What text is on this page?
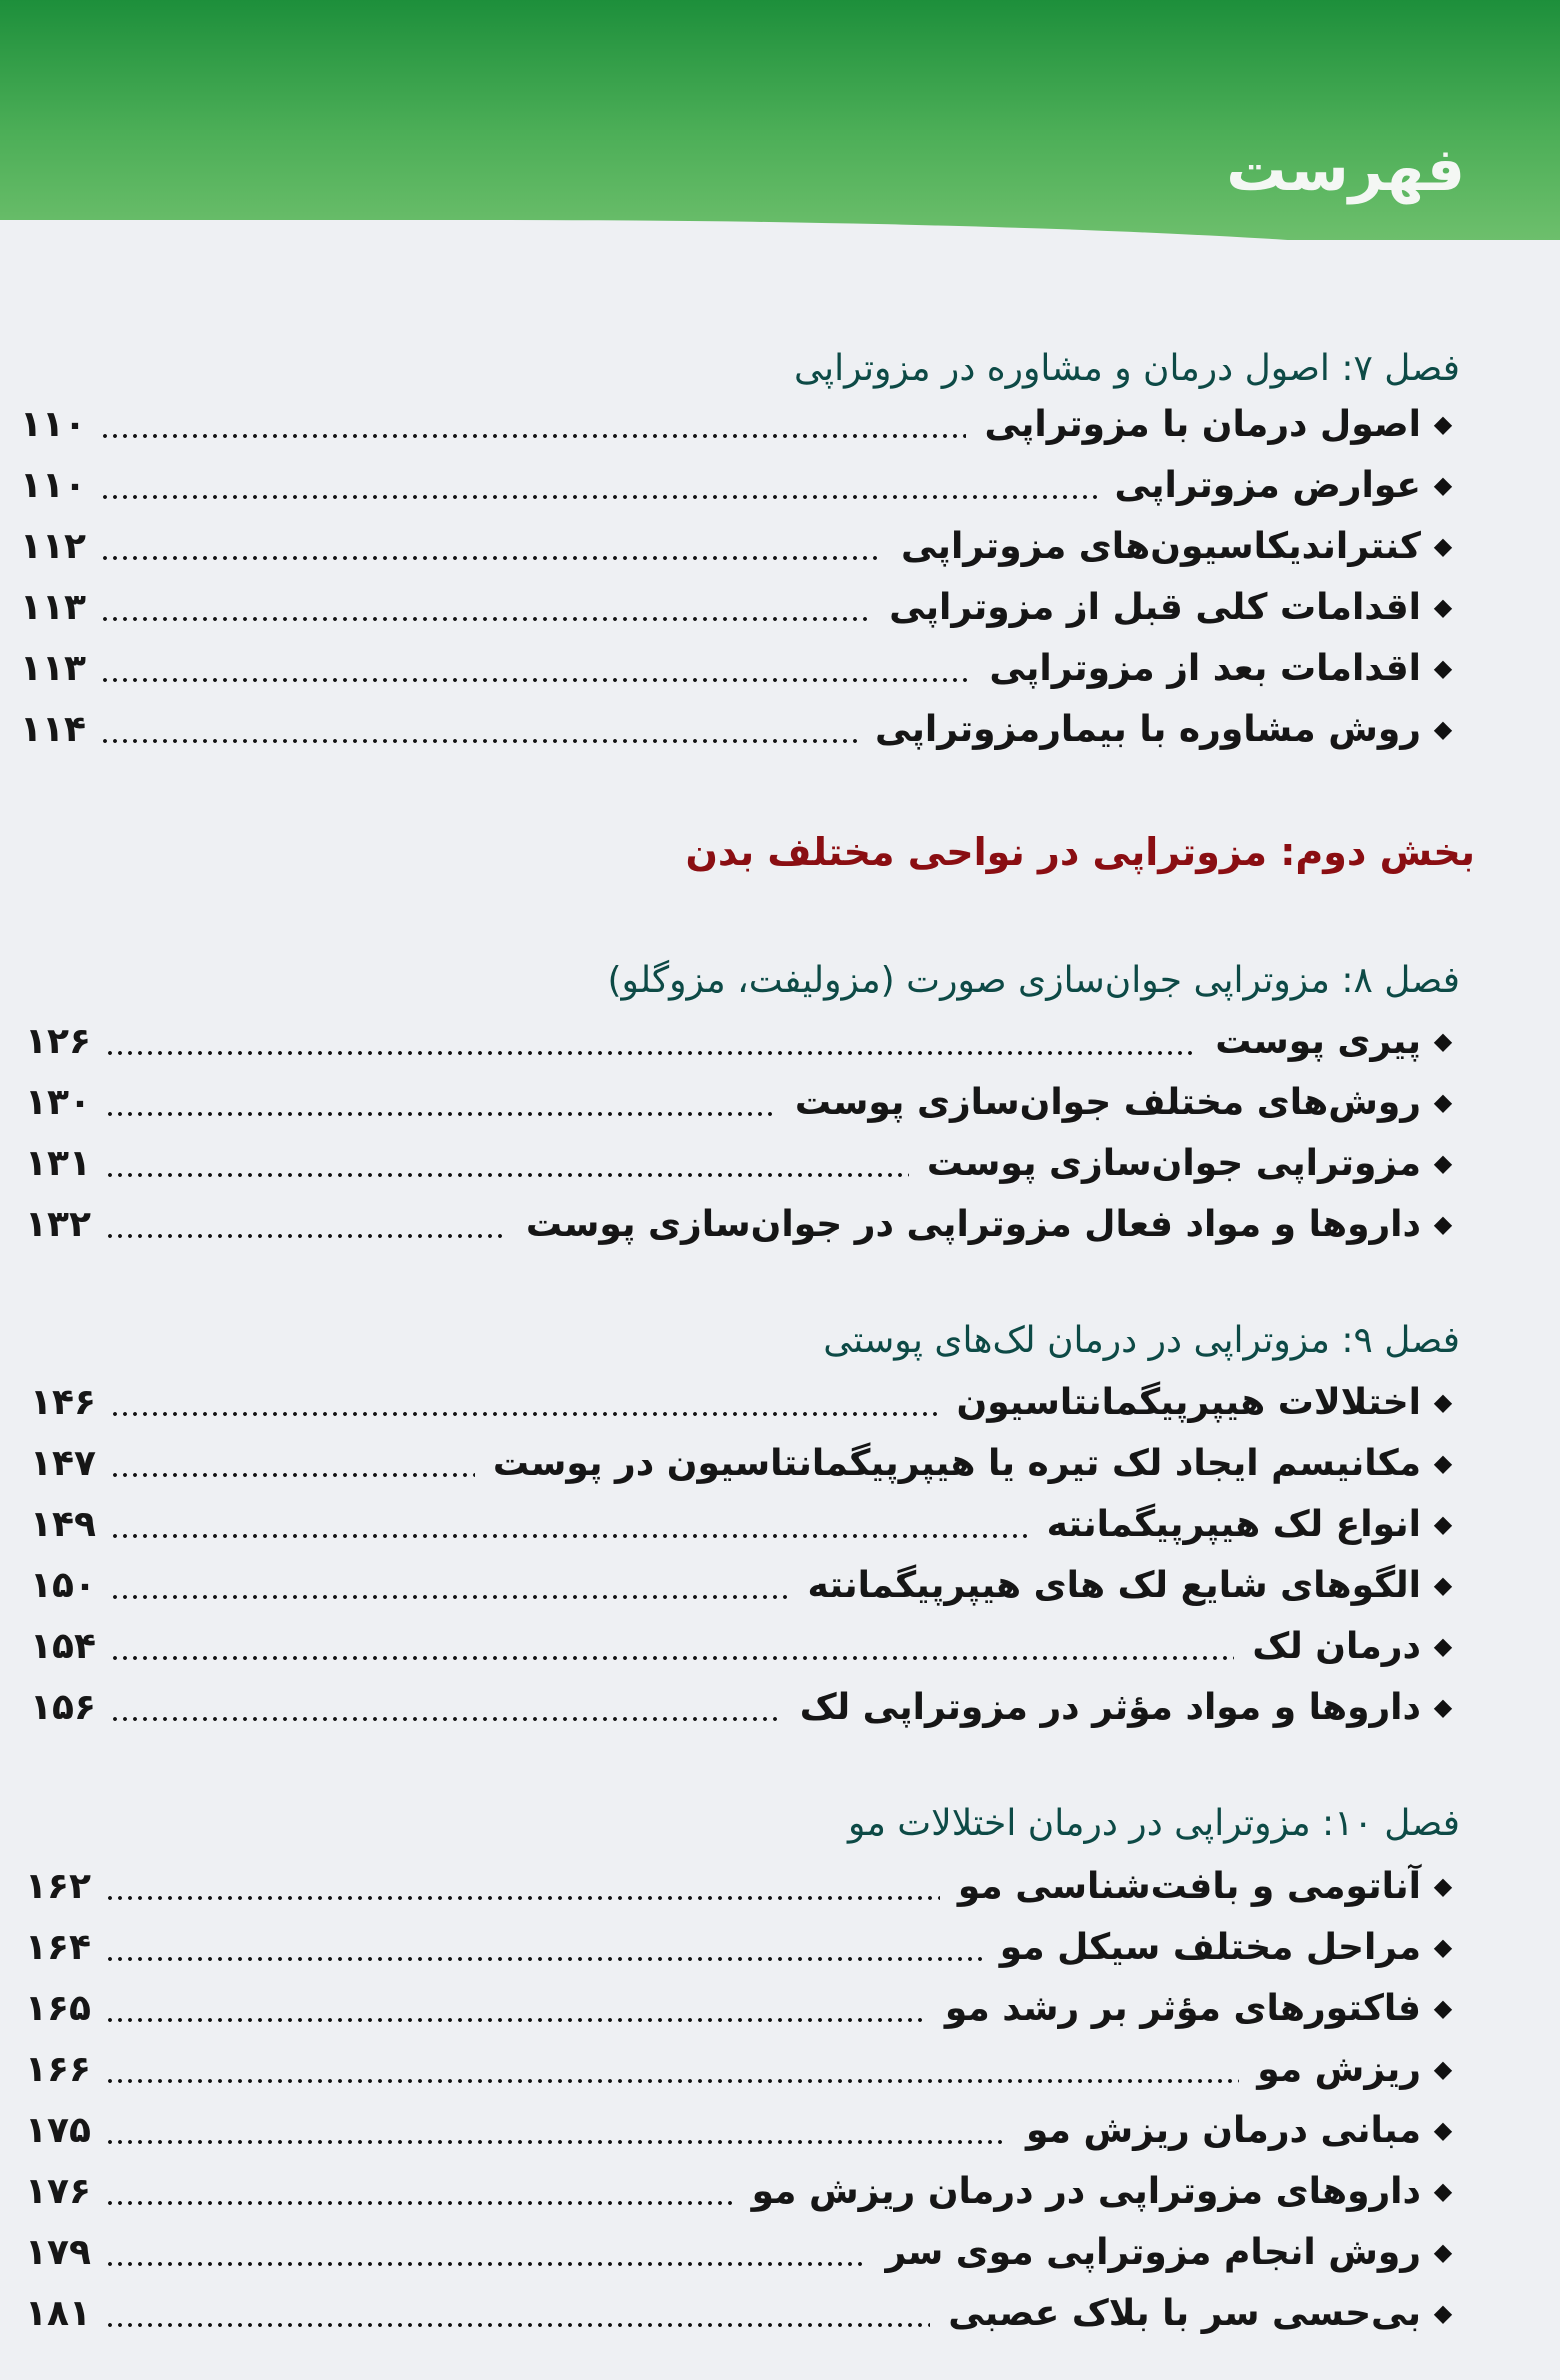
فهرست
فصل ۷: اصول درمان و مشاوره در مزوتراپی
◆
اصول درمان با مزوتراپی
۱۱۰
◆
عوارض مزوتراپی
۱۱۰
◆
کنتراندیکاسیون‌های مزوتراپی
۱۱۲
◆
اقدامات کلی قبل از مزوتراپی
۱۱۳
◆
اقدامات بعد از مزوتراپی
۱۱۳
◆
روش مشاوره با بیمارمزوتراپی
۱۱۴
بخش دوم: مزوتراپی در نواحی مختلف بدن
فصل ۸: مزوتراپی جوان‌سازی صورت (مزولیفت، مزوگلو)
◆
پیری پوست
۱۲۶
◆
روش‌های مختلف جوان‌سازی پوست
۱۳۰
◆
مزوتراپی جوان‌سازی پوست
۱۳۱
◆
داروها و مواد فعال مزوتراپی در جوان‌سازی پوست
۱۳۲
فصل ۹: مزوتراپی در درمان لک‌های پوستی
◆
اختلالات هیپرپیگمانتاسیون
۱۴۶
◆
مکانیسم ایجاد لک تیره یا هیپرپیگمانتاسیون در پوست
۱۴۷
◆
انواع لک هیپرپیگمانته
۱۴۹
◆
الگوهای شایع لک های هیپرپیگمانته
۱۵۰
◆
درمان لک
۱۵۴
◆
داروها و مواد مؤثر در مزوتراپی لک
۱۵۶
فصل ۱۰: مزوتراپی در درمان اختلالات مو
◆
آناتومی و بافت‌شناسی مو
۱۶۲
◆
مراحل مختلف سیکل مو
۱۶۴
◆
فاکتورهای مؤثر بر رشد مو
۱۶۵
◆
ریزش مو
۱۶۶
◆
مبانی درمان ریزش مو
۱۷۵
◆
داروهای مزوتراپی در درمان ریزش مو
۱۷۶
◆
روش انجام مزوتراپی موی سر
۱۷۹
◆
بی‌حسی سر با بلاک عصبی
۱۸۱
